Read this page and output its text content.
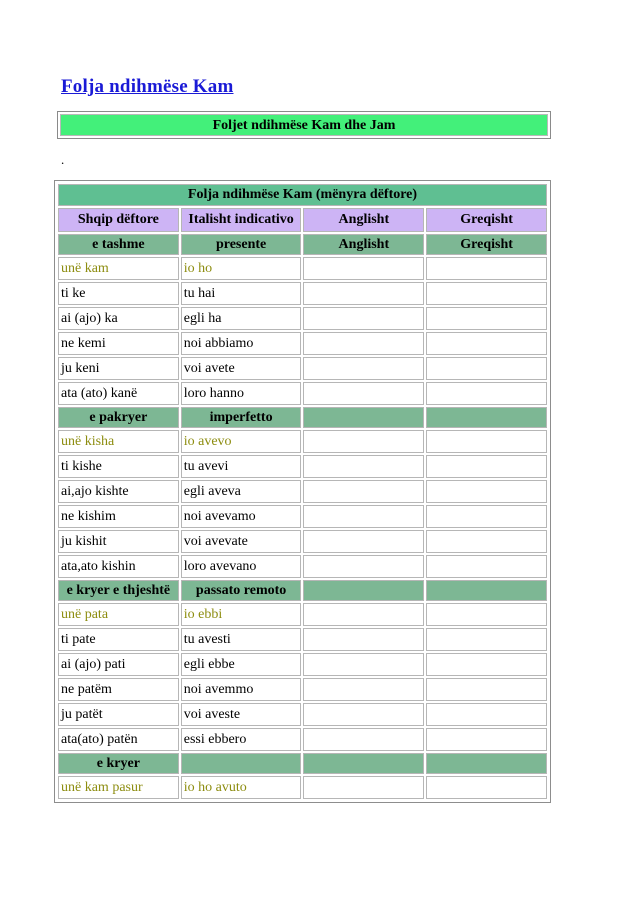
Folja ndihmëse Kam
Foljet ndihmëse Kam dhe Jam
.
Folja ndihmëse Kam (mënyra dëftore)			
Shqip dëftore	Italisht indicativo	Anglisht	Greqisht
e tashme	presente	Anglisht	Greqisht
unë kam	io ho		
ti ke	tu hai		
ai (ajo) ka	egli ha		
ne kemi	noi abbiamo		
ju keni	voi avete		
ata (ato) kanë	loro hanno		
e pakryer	imperfetto		
unë kisha	io avevo		
ti kishe	tu avevi		
ai,ajo kishte	egli aveva		
ne kishim	noi avevamo		
ju kishit	voi avevate		
ata,ato kishin	loro avevano		
e kryer e thjeshtë	passato remoto		
unë pata	io ebbi		
ti pate	tu avesti		
ai (ajo) pati	egli ebbe		
ne patëm	noi avemmo		
ju patët	voi aveste		
ata(ato) patën	essi ebbero		
e kryer			
unë kam pasur	io ho avuto		
